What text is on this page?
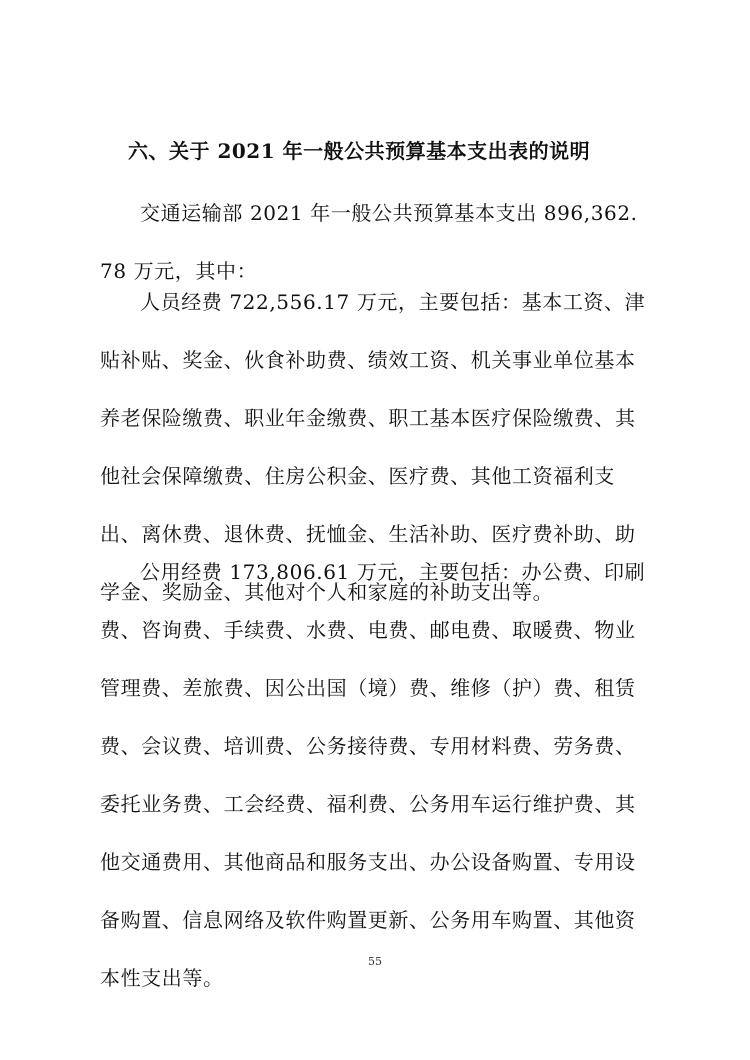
六、关于 2021 年一般公共预算基本支出表的说明

交通运输部 2021 年一般公共预算基本支出 896,362.78 万元，其中：

人员经费 722,556.17 万元，主要包括：基本工资、津贴补贴、奖金、伙食补助费、绩效工资、机关事业单位基本养老保险缴费、职业年金缴费、职工基本医疗保险缴费、其他社会保障缴费、住房公积金、医疗费、其他工资福利支出、离休费、退休费、抚恤金、生活补助、医疗费补助、助学金、奖励金、其他对个人和家庭的补助支出等。

公用经费 173,806.61 万元，主要包括：办公费、印刷费、咨询费、手续费、水费、电费、邮电费、取暖费、物业管理费、差旅费、因公出国（境）费、维修（护）费、租赁费、会议费、培训费、公务接待费、专用材料费、劳务费、委托业务费、工会经费、福利费、公务用车运行维护费、其他交通费用、其他商品和服务支出、办公设备购置、专用设备购置、信息网络及软件购置更新、公务用车购置、其他资本性支出等。

55
